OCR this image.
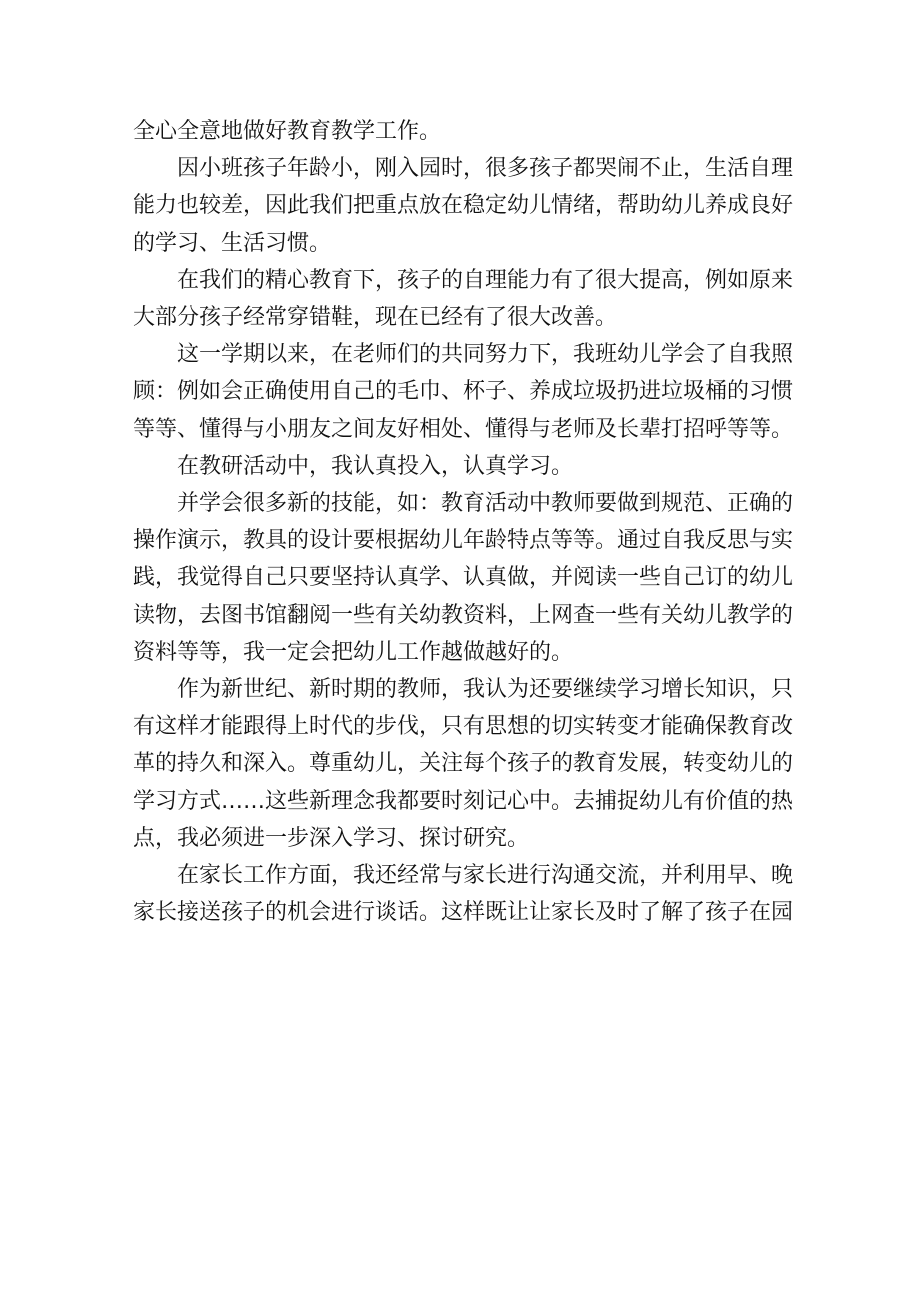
全心全意地做好教育教学工作。

因小班孩子年龄小，刚入园时，很多孩子都哭闹不止，生活自理能力也较差，因此我们把重点放在稳定幼儿情绪，帮助幼儿养成良好的学习、生活习惯。

在我们的精心教育下，孩子的自理能力有了很大提高，例如原来大部分孩子经常穿错鞋，现在已经有了很大改善。

这一学期以来，在老师们的共同努力下，我班幼儿学会了自我照顾：例如会正确使用自己的毛巾、杯子、养成垃圾扔进垃圾桶的习惯等等、懂得与小朋友之间友好相处、懂得与老师及长辈打招呼等等。

在教研活动中，我认真投入，认真学习。

并学会很多新的技能，如：教育活动中教师要做到规范、正确的操作演示，教具的设计要根据幼儿年龄特点等等。通过自我反思与实践，我觉得自己只要坚持认真学、认真做，并阅读一些自己订的幼儿读物，去图书馆翻阅一些有关幼教资料，上网查一些有关幼儿教学的资料等等，我一定会把幼儿工作越做越好的。

作为新世纪、新时期的教师，我认为还要继续学习增长知识，只有这样才能跟得上时代的步伐，只有思想的切实转变才能确保教育改革的持久和深入。尊重幼儿，关注每个孩子的教育发展，转变幼儿的学习方式……这些新理念我都要时刻记心中。去捕捉幼儿有价值的热点，我必须进一步深入学习、探讨研究。

在家长工作方面，我还经常与家长进行沟通交流，并利用早、晚家长接送孩子的机会进行谈话。这样既让让家长及时了解了孩子在园
